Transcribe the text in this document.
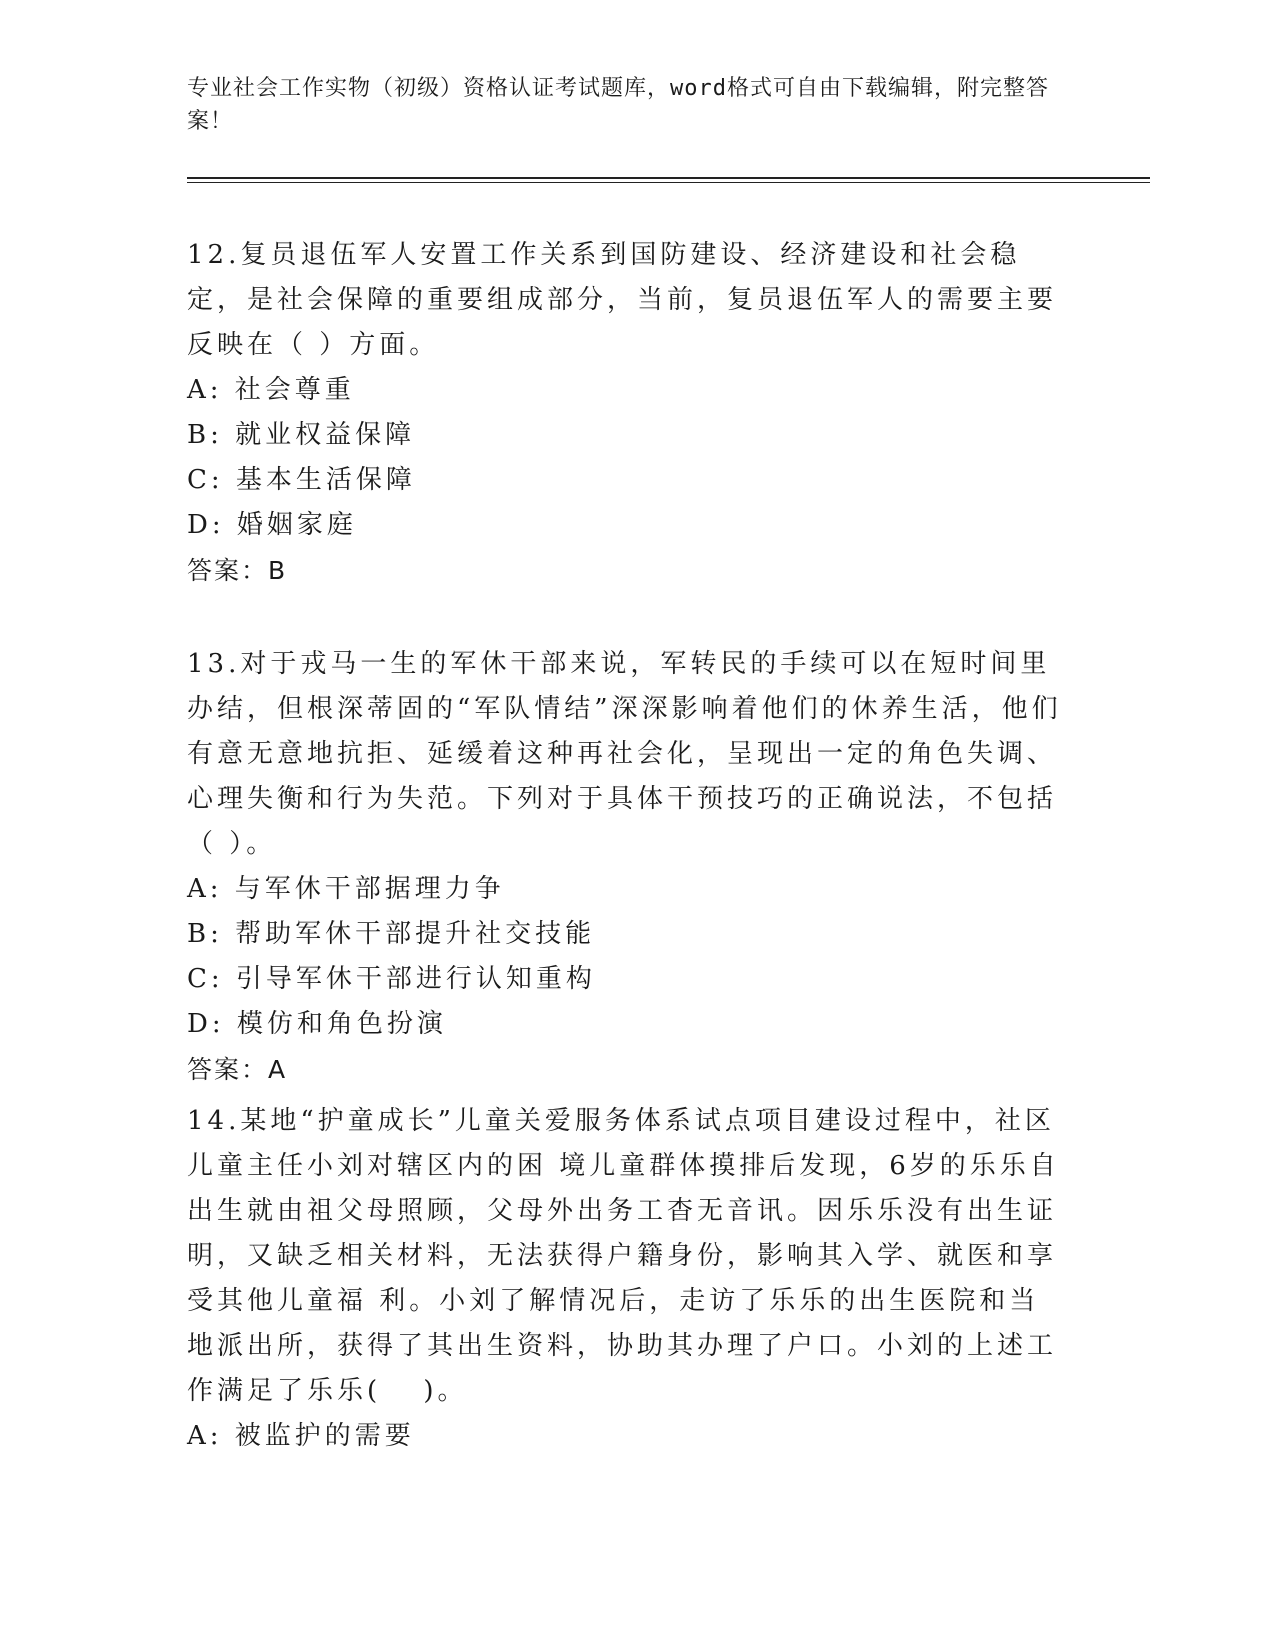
专业社会工作实物（初级）资格认证考试题库，word格式可自由下载编辑，附完整答案！

12.复员退伍军人安置工作关系到国防建设、经济建设和社会稳定，是社会保障的重要组成部分，当前，复员退伍军人的需要主要反映在（ ）方面。

A: 社会尊重

B: 就业权益保障

C: 基本生活保障

D: 婚姻家庭

答案：B

13.对于戎马一生的军休干部来说，军转民的手续可以在短时间里办结，但根深蒂固的“军队情结”深深影响着他们的休养生活，他们有意无意地抗拒、延缓着这种再社会化，呈现出一定的角色失调、心理失衡和行为失范。下列对于具体干预技巧的正确说法，不包括（ ）。

A: 与军休干部据理力争

B: 帮助军休干部提升社交技能

C: 引导军休干部进行认知重构

D: 模仿和角色扮演

答案：A

14.某地“护童成长”儿童关爱服务体系试点项目建设过程中，社区儿童主任小刘对辖区内的困 境儿童群体摸排后发现，6岁的乐乐自出生就由祖父母照顾，父母外出务工杳无音讯。因乐乐没有出生证明，又缺乏相关材料，无法获得户籍身份，影响其入学、就医和享受其他儿童福 利。小刘了解情况后，走访了乐乐的出生医院和当地派出所，获得了其出生资料，协助其办理了户口。小刘的上述工作满足了乐乐(　 )。

A: 被监护的需要
